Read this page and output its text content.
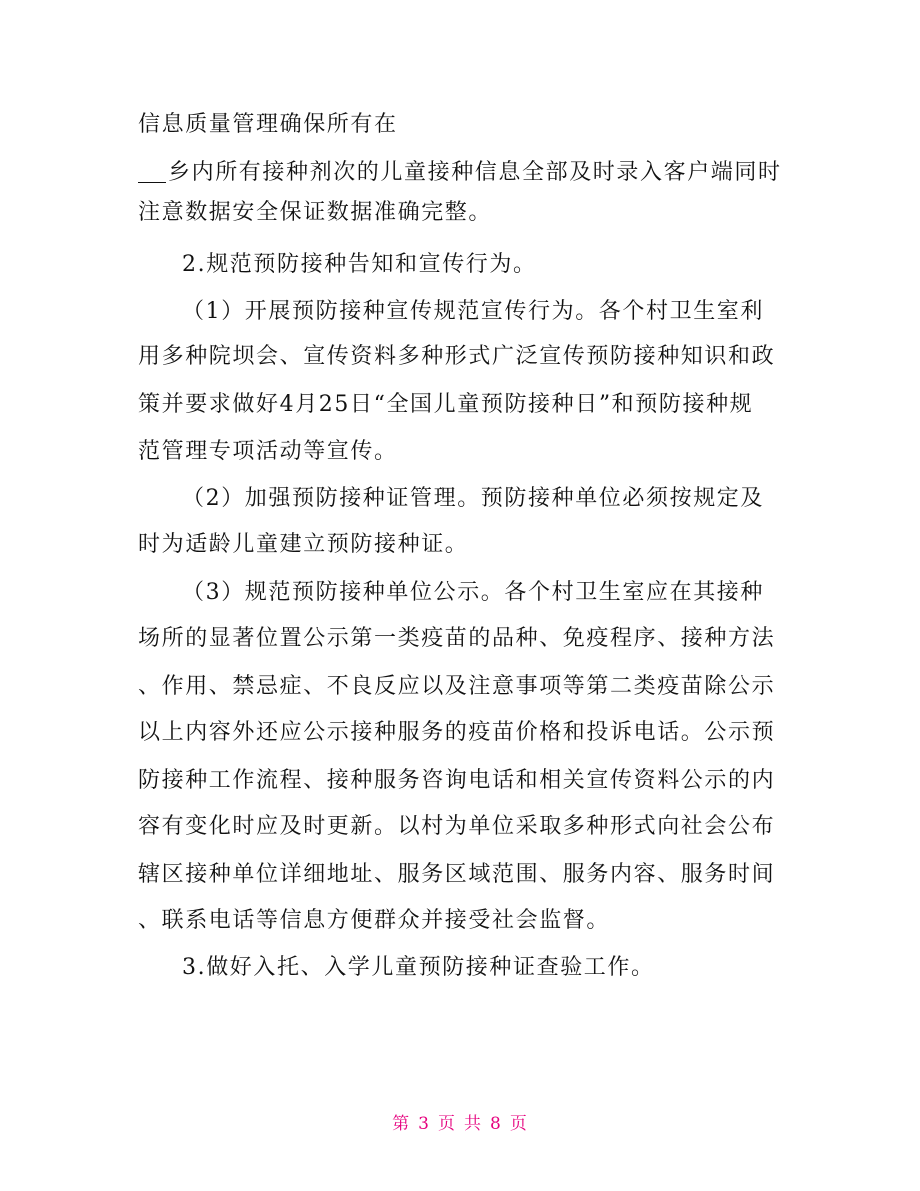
信息质量管理确保所有在
乡内所有接种剂次的儿童接种信息全部及时录入客户端同时
注意数据安全保证数据准确完整。
2.规范预防接种告知和宣传行为。
（1）开展预防接种宣传规范宣传行为。各个村卫生室利
用多种院坝会、宣传资料多种形式广泛宣传预防接种知识和政
策并要求做好4月25日“全国儿童预防接种日”和预防接种规
范管理专项活动等宣传。
（2）加强预防接种证管理。预防接种单位必须按规定及
时为适龄儿童建立预防接种证。
（3）规范预防接种单位公示。各个村卫生室应在其接种
场所的显著位置公示第一类疫苗的品种、免疫程序、接种方法
、作用、禁忌症、不良反应以及注意事项等第二类疫苗除公示
以上内容外还应公示接种服务的疫苗价格和投诉电话。公示预
防接种工作流程、接种服务咨询电话和相关宣传资料公示的内
容有变化时应及时更新。以村为单位采取多种形式向社会公布
辖区接种单位详细地址、服务区域范围、服务内容、服务时间
、联系电话等信息方便群众并接受社会监督。
3.做好入托、入学儿童预防接种证查验工作。
第 3 页 共 8 页
